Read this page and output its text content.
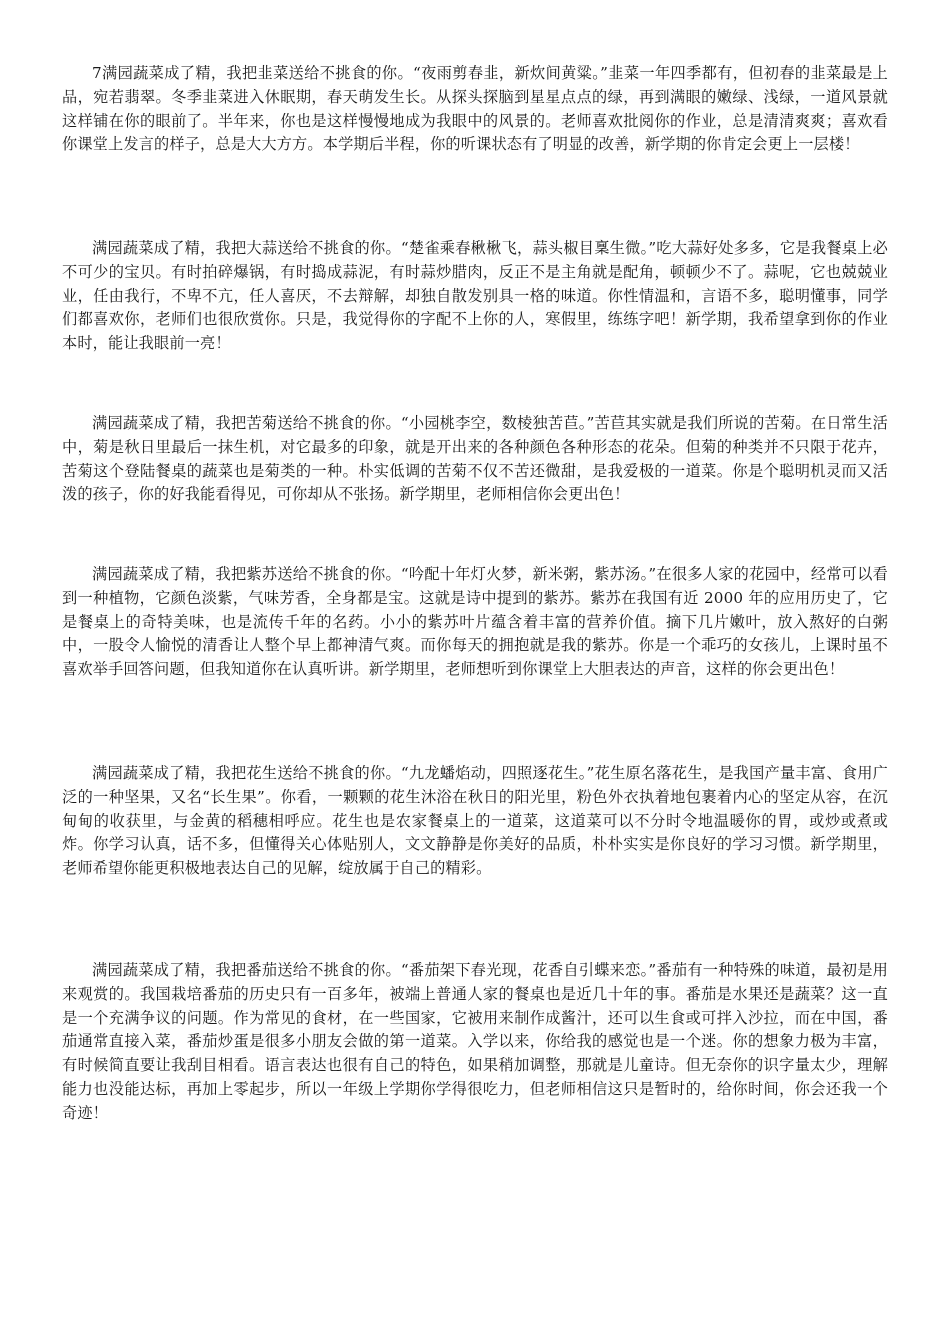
7满园蔬菜成了精，我把韭菜送给不挑食的你。“夜雨剪春韭，新炊间黄粱。”韭菜一年四季都有，但初春的韭菜最是上品，宛若翡翠。冬季韭菜进入休眠期，春天萌发生长。从探头探脑到星星点点的绿，再到满眼的嫩绿、浅绿，一道风景就这样铺在你的眼前了。半年来，你也是这样慢慢地成为我眼中的风景的。老师喜欢批阅你的作业，总是清清爽爽；喜欢看你课堂上发言的样子，总是大大方方。本学期后半程，你的听课状态有了明显的改善，新学期的你肯定会更上一层楼！

满园蔬菜成了精，我把大蒜送给不挑食的你。“楚雀乘春楸楸飞，蒜头椒目稟生微。”吃大蒜好处多多，它是我餐桌上必不可少的宝贝。有时拍碎爆锅，有时捣成蒜泥，有时蒜炒腊肉，反正不是主角就是配角，顿顿少不了。蒜呢，它也兢兢业业，任由我行，不卑不亢，任人喜厌，不去辩解，却独自散发别具一格的味道。你性情温和，言语不多，聪明懂事，同学们都喜欢你，老师们也很欣赏你。只是，我觉得你的字配不上你的人，寒假里，练练字吧！新学期，我希望拿到你的作业本时，能让我眼前一亮！

满园蔬菜成了精，我把苦菊送给不挑食的你。“小园桃李空，数棱独苦苣。”苦苣其实就是我们所说的苦菊。在日常生活中，菊是秋日里最后一抹生机，对它最多的印象，就是开出来的各种颜色各种形态的花朵。但菊的种类并不只限于花卉，苦菊这个登陆餐桌的蔬菜也是菊类的一种。朴实低调的苦菊不仅不苦还微甜，是我爱极的一道菜。你是个聪明机灵而又活泼的孩子，你的好我能看得见，可你却从不张扬。新学期里，老师相信你会更出色！

满园蔬菜成了精，我把紫苏送给不挑食的你。“吟配十年灯火梦，新米粥，紫苏汤。”在很多人家的花园中，经常可以看到一种植物，它颜色淡紫，气味芳香，全身都是宝。这就是诗中提到的紫苏。紫苏在我国有近 2000 年的应用历史了，它是餐桌上的奇特美味，也是流传千年的名药。小小的紫苏叶片蕴含着丰富的营养价值。摘下几片嫩叶，放入熬好的白粥中，一股令人愉悦的清香让人整个早上都神清气爽。而你每天的拥抱就是我的紫苏。你是一个乖巧的女孩儿，上课时虽不喜欢举手回答问题，但我知道你在认真听讲。新学期里，老师想听到你课堂上大胆表达的声音，这样的你会更出色！

满园蔬菜成了精，我把花生送给不挑食的你。“九龙蟠焰动，四照逐花生。”花生原名落花生，是我国产量丰富、食用广泛的一种坚果，又名“长生果”。你看，一颗颗的花生沐浴在秋日的阳光里，粉色外衣执着地包裹着内心的坚定从容，在沉甸甸的收获里，与金黄的稻穗相呼应。花生也是农家餐桌上的一道菜，这道菜可以不分时令地温暖你的胃，或炒或煮或炸。你学习认真，话不多，但懂得关心体贴别人，文文静静是你美好的品质，朴朴实实是你良好的学习习惯。新学期里，老师希望你能更积极地表达自己的见解，绽放属于自己的精彩。

满园蔬菜成了精，我把番茄送给不挑食的你。“番茄架下春光现，花香自引蝶来恋。”番茄有一种特殊的味道，最初是用来观赏的。我国栽培番茄的历史只有一百多年，被端上普通人家的餐桌也是近几十年的事。番茄是水果还是蔬菜？这一直是一个充满争议的问题。作为常见的食材，在一些国家，它被用来制作成酱汁，还可以生食或可拌入沙拉，而在中国，番茄通常直接入菜，番茄炒蛋是很多小朋友会做的第一道菜。入学以来，你给我的感觉也是一个迷。你的想象力极为丰富，有时候简直要让我刮目相看。语言表达也很有自己的特色，如果稍加调整，那就是儿童诗。但无奈你的识字量太少，理解能力也没能达标，再加上零起步，所以一年级上学期你学得很吃力，但老师相信这只是暂时的，给你时间，你会还我一个奇迹！
